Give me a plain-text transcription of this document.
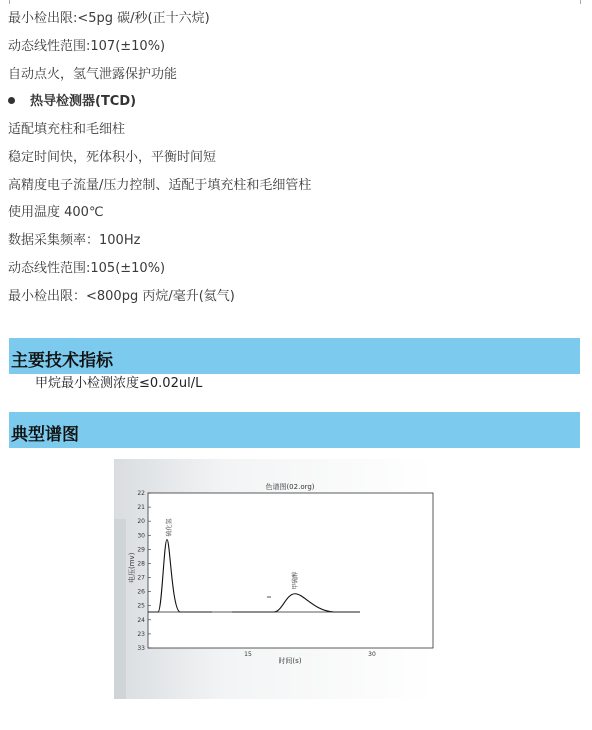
最小检出限:<5pg 碳/秒(正十六烷)
动态线性范围:107(±10%)
自动点火，氢气泄露保护功能
热导检测器(TCD)
适配填充柱和毛细柱
稳定时间快，死体积小，平衡时间短
高精度电子流量/压力控制、适配于填充柱和毛细管柱
使用温度 400℃
数据采集频率：100Hz
动态线性范围:105(±10%)
最小检出限：<800pg 丙烷/毫升(氦气)
主要技术指标
甲烷最小检测浓度≤0.02ul/L
典型谱图
色谱图(02.org)
电压(mv)
时间(s)
33
23
24
25
26
27
28
29
30
20
21
22
15	30
硫化氢
甲硫醇
